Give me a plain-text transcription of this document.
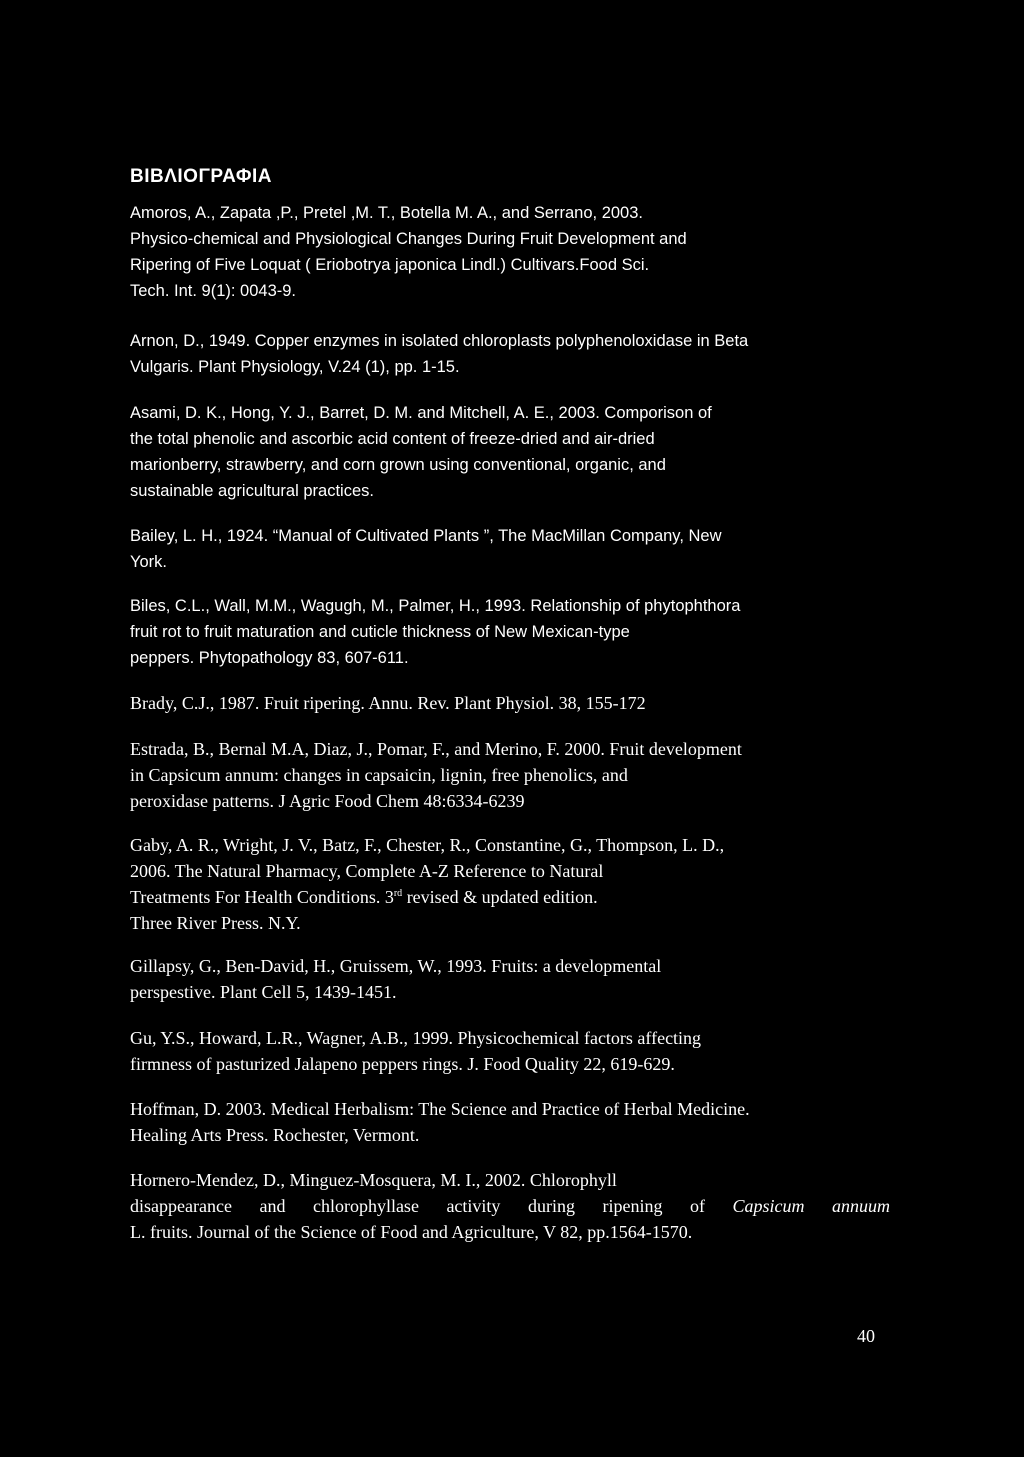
ΒΙΒΛΙΟΓΡΑΦΙΑ
Amoros, A., Zapata ,P., Pretel ,M. T., Botella M. A., and Serrano, 2003.
Physico-chemical and Physiological Changes During Fruit Development and
Ripering of Five Loquat ( Eriobotrya japonica Lindl.) Cultivars.Food Sci.
Tech. Int. 9(1): 0043-9.
Arnon, D., 1949. Copper enzymes in isolated chloroplasts polyphenoloxidase in Beta
Vulgaris. Plant Physiology, V.24 (1), pp. 1-15.
Asami, D. K., Hong, Y. J., Barret, D. M. and Mitchell, A. E., 2003. Comporison of
the total phenolic and ascorbic acid content of freeze-dried and air-dried
marionberry, strawberry, and corn grown using conventional, organic, and
sustainable agricultural practices.
Bailey, L. H., 1924. “Manual of Cultivated Plants ”, The MacMillan Company, New
York.
Biles, C.L., Wall, M.M., Wagugh, M., Palmer, H., 1993. Relationship of phytophthora
fruit rot to fruit maturation and cuticle thickness of New Mexican-type
peppers. Phytopathology 83, 607-611.
Brady, C.J., 1987. Fruit ripering. Annu. Rev. Plant Physiol. 38, 155-172
Estrada, B., Bernal M.A, Diaz, J., Pomar, F., and Merino, F. 2000. Fruit development
in Capsicum annum: changes in capsaicin, lignin, free phenolics, and
peroxidase patterns. J Agric Food Chem 48:6334-6239
Gaby, A. R., Wright, J. V., Batz, F., Chester, R., Constantine, G., Thompson, L. D.,
2006. The Natural Pharmacy, Complete A-Z Reference to Natural
Treatments For Health Conditions. 3rd revised & updated edition.
Three River Press. N.Y.
Gillapsy, G., Ben-David, H., Gruissem, W., 1993. Fruits: a developmental
perspestive. Plant Cell 5, 1439-1451.
Gu, Y.S., Howard, L.R., Wagner, A.B., 1999. Physicochemical factors affecting
firmness of pasturized Jalapeno peppers rings. J. Food Quality 22, 619-629.
Hoffman, D. 2003. Medical Herbalism: The Science and Practice of Herbal Medicine.
Healing Arts Press. Rochester, Vermont.
Hornero-Mendez, D., Minguez-Mosquera, M. I., 2002. Chlorophyll
disappearance and chlorophyllase activity during ripening of Capsicum annuum
L. fruits. Journal of the Science of Food and Agriculture, V 82, pp.1564-1570.
40
